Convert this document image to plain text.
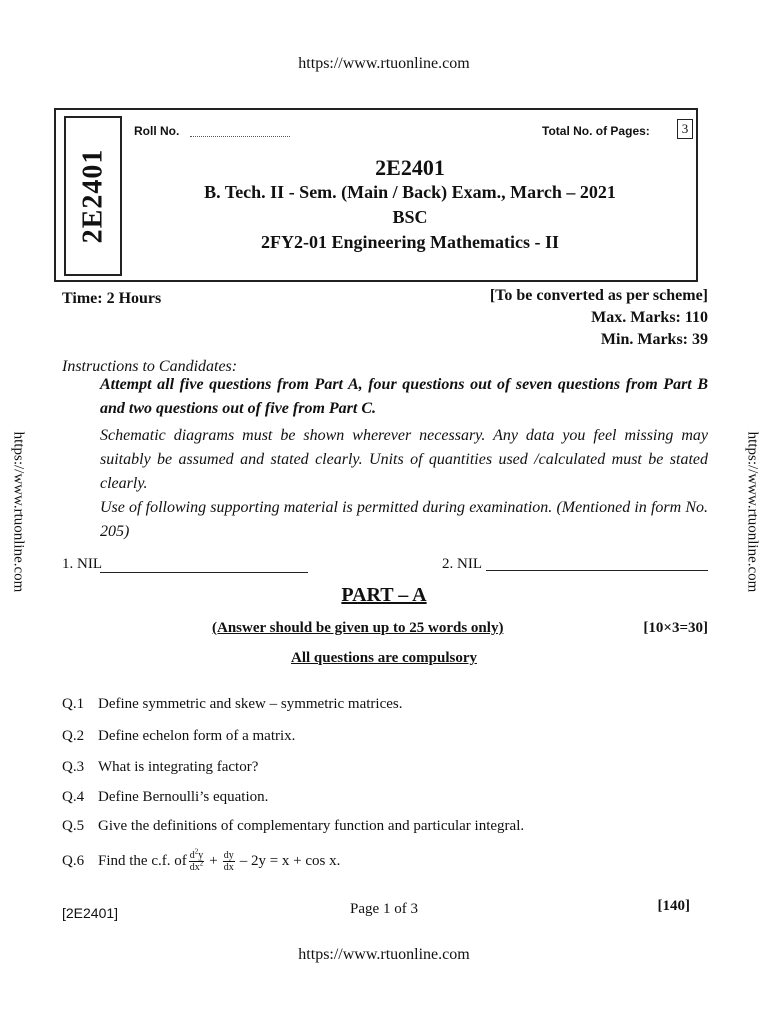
https://www.rtuonline.com
https://www.rtuonline.com	https://www.rtuonline.com
2E2401
Roll No.	Total No. of Pages:	3
2E2401
B. Tech. II - Sem. (Main / Back) Exam., March – 2021
BSC
2FY2-01 Engineering Mathematics - II
Time: 2 Hours	[To be converted as per scheme]
Max. Marks: 110
Min. Marks: 39
Instructions to Candidates:
Attempt all five questions from Part A, four questions out of seven questions from Part B and two questions out of five from Part C.
Schematic diagrams must be shown wherever necessary. Any data you feel missing may suitably be assumed and stated clearly. Units of quantities used /calculated must be stated clearly.
Use of following supporting material is permitted during examination. (Mentioned in form No. 205)
1. NIL	2. NIL
PART – A
(Answer should be given up to 25 words only)	[10×3=30]
All questions are compulsory
Q.1 Define symmetric and skew – symmetric matrices.
Q.2 Define echelon form of a matrix.
Q.3 What is integrating factor?
Q.4 Define Bernoulli’s equation.
Q.5 Give the definitions of complementary function and particular integral.
Q.6 Find the c.f. of $\frac{d^2y}{dx^2} + \frac{dy}{dx} - 2y = x + \cos x$.
[2E2401]	Page 1 of 3	[140]
https://www.rtuonline.com
